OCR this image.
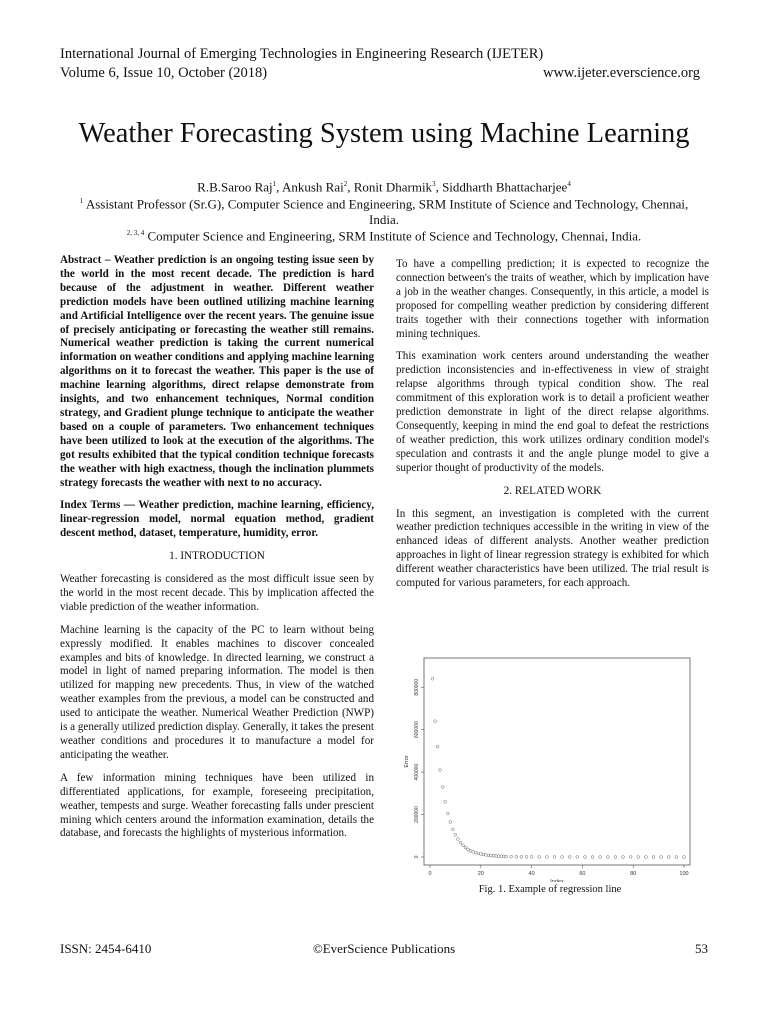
International Journal of Emerging Technologies in Engineering Research (IJETER)
Volume 6, Issue 10, October (2018)	www.ijeter.everscience.org
Weather Forecasting System using Machine Learning
R.B.Saroo Raj$^1$, Ankush Rai$^2$, Ronit Dharmik$^3$, Siddharth Bhattacharjee$^4$
$^1$ Assistant Professor (Sr.G), Computer Science and Engineering, SRM Institute of Science and Technology, Chennai,
India.
$^{2, 3, 4}$ Computer Science and Engineering, SRM Institute of Science and Technology, Chennai, India.

Abstract – Weather prediction is an ongoing testing issue seen by the world in the most recent decade. The prediction is hard because of the adjustment in weather. Different weather prediction models have been outlined utilizing machine learning and Artificial Intelligence over the recent years. The genuine issue of precisely anticipating or forecasting the weather still remains. Numerical weather prediction is taking the current numerical information on weather conditions and applying machine learning algorithms on it to forecast the weather. This paper is the use of machine learning algorithms, direct relapse demonstrate from insights, and two enhancement techniques, Normal condition strategy, and Gradient plunge technique to anticipate the weather based on a couple of parameters. Two enhancement techniques have been utilized to look at the execution of the algorithms. The got results exhibited that the typical condition technique forecasts the weather with high exactness, though the inclination plummets strategy forecasts the weather with next to no accuracy.

Index Terms — Weather prediction, machine learning, efficiency, linear-regression model, normal equation method, gradient descent method, dataset, temperature, humidity, error.

1. INTRODUCTION

Weather forecasting is considered as the most difficult issue seen by the world in the most recent decade. This by implication affected the viable prediction of the weather information.

Machine learning is the capacity of the PC to learn without being expressly modified. It enables machines to discover concealed examples and bits of knowledge. In directed learning, we construct a model in light of named preparing information. The model is then utilized for mapping new precedents. Thus, in view of the watched weather examples from the previous, a model can be constructed and used to anticipate the weather. Numerical Weather Prediction (NWP) is a generally utilized prediction display. Generally, it takes the present weather conditions and procedures it to manufacture a model for anticipating the weather.

A few information mining techniques have been utilized in differentiated applications, for example, foreseeing precipitation, weather, tempests and surge. Weather forecasting falls under prescient mining which centers around the information examination, details the database, and forecasts the highlights of mysterious information.

To have a compelling prediction; it is expected to recognize the connection between's the traits of weather, which by implication have a job in the weather changes. Consequently, in this article, a model is proposed for compelling weather prediction by considering different traits together with their connections together with information mining techniques.

This examination work centers around understanding the weather prediction inconsistencies and in-effectiveness in view of straight relapse algorithms through typical condition show. The real commitment of this exploration work is to detail a proficient weather prediction demonstrate in light of the direct relapse algorithms. Consequently, keeping in mind the end goal to defeat the restrictions of weather prediction, this work utilizes ordinary condition model's speculation and contrasts it and the angle plunge model to give a superior thought of productivity of the models.

2. RELATED WORK

In this segment, an investigation is completed with the current weather prediction techniques accessible in the writing in view of the enhanced ideas of different analysts. Another weather prediction approaches in light of linear regression strategy is exhibited for which different weather characteristics have been utilized. The trial result is computed for various parameters, for each approach.

0	20	40	60	80	100
0
200000
400000
600000
800000
Index
Error
Fig. 1. Example of regression line
ISSN: 2454-6410	©EverScience Publications	53
